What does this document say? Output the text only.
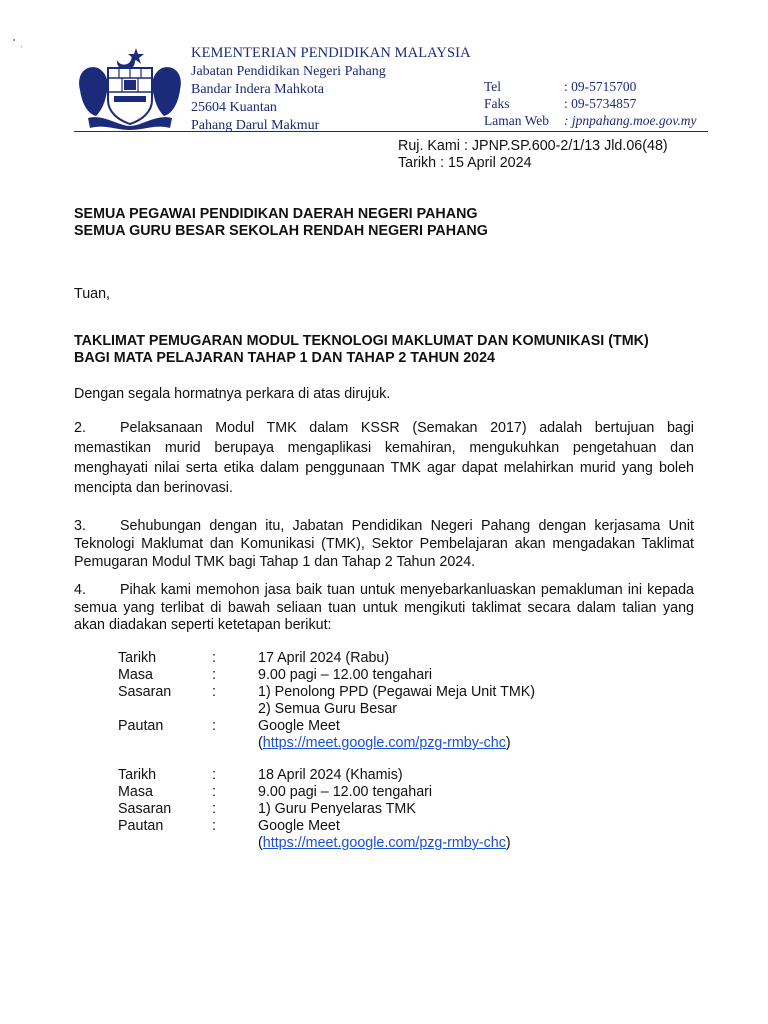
KEMENTERIAN PENDIDIKAN MALAYSIA
Jabatan Pendidikan Negeri Pahang
Bandar Indera Mahkota
25604 Kuantan
Pahang Darul Makmur
Tel	: 09-5715700
Faks	: 09-5734857
Laman Web	: jpnpahang.moe.gov.my
Ruj. Kami : JPNP.SP.600-2/1/13 Jld.06(48)
Tarikh : 15 April 2024
SEMUA PEGAWAI PENDIDIKAN DAERAH NEGERI PAHANG
SEMUA GURU BESAR SEKOLAH RENDAH NEGERI PAHANG
Tuan,
TAKLIMAT PEMUGARAN MODUL TEKNOLOGI MAKLUMAT DAN KOMUNIKASI (TMK)
BAGI MATA PELAJARAN TAHAP 1 DAN TAHAP 2 TAHUN 2024
Dengan segala hormatnya perkara di atas dirujuk.
2. Pelaksanaan Modul TMK dalam KSSR (Semakan 2017) adalah bertujuan bagi memastikan murid berupaya mengaplikasi kemahiran, mengukuhkan pengetahuan dan menghayati nilai serta etika dalam penggunaan TMK agar dapat melahirkan murid yang boleh mencipta dan berinovasi.
3. Sehubungan dengan itu, Jabatan Pendidikan Negeri Pahang dengan kerjasama Unit Teknologi Maklumat dan Komunikasi (TMK), Sektor Pembelajaran akan mengadakan Taklimat Pemugaran Modul TMK bagi Tahap 1 dan Tahap 2 Tahun 2024.
4. Pihak kami memohon jasa baik tuan untuk menyebarkanluaskan pemakluman ini kepada semua yang terlibat di bawah seliaan tuan untuk mengikuti taklimat secara dalam talian yang akan diadakan seperti ketetapan berikut:
Tarikh	:	17 April 2024 (Rabu)
Masa	:	9.00 pagi – 12.00 tengahari
Sasaran	:	1) Penolong PPD (Pegawai Meja Unit TMK)
2) Semua Guru Besar
Pautan	:	Google Meet
(https://meet.google.com/pzg-rmby-chc)
Tarikh	:	18 April 2024 (Khamis)
Masa	:	9.00 pagi – 12.00 tengahari
Sasaran	:	1) Guru Penyelaras TMK
Pautan	:	Google Meet
(https://meet.google.com/pzg-rmby-chc)
